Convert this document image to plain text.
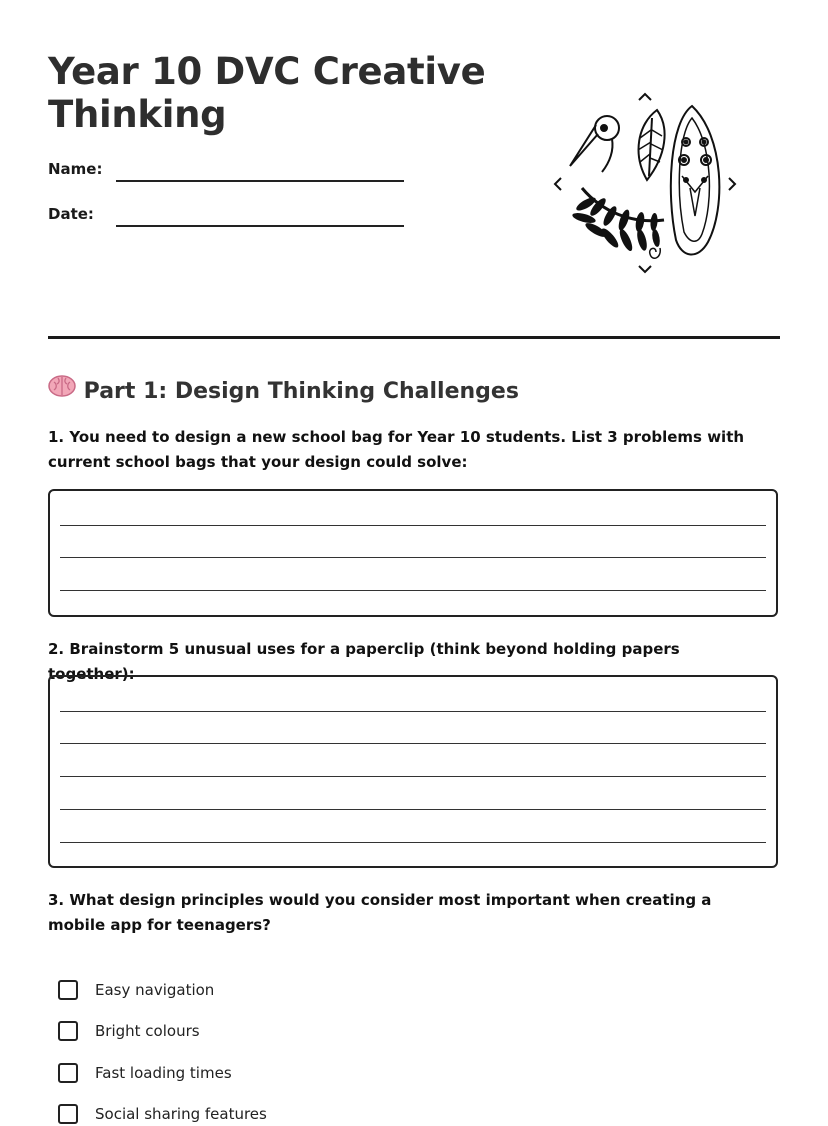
Year 10 DVC Creative Thinking
Name:
Date:
Part 1: Design Thinking Challenges
1. You need to design a new school bag for Year 10 students. List 3 problems with current school bags that your design could solve:
2. Brainstorm 5 unusual uses for a paperclip (think beyond holding papers together):
3. What design principles would you consider most important when creating a mobile app for teenagers?
Easy navigation
Bright colours
Fast loading times
Social sharing features
